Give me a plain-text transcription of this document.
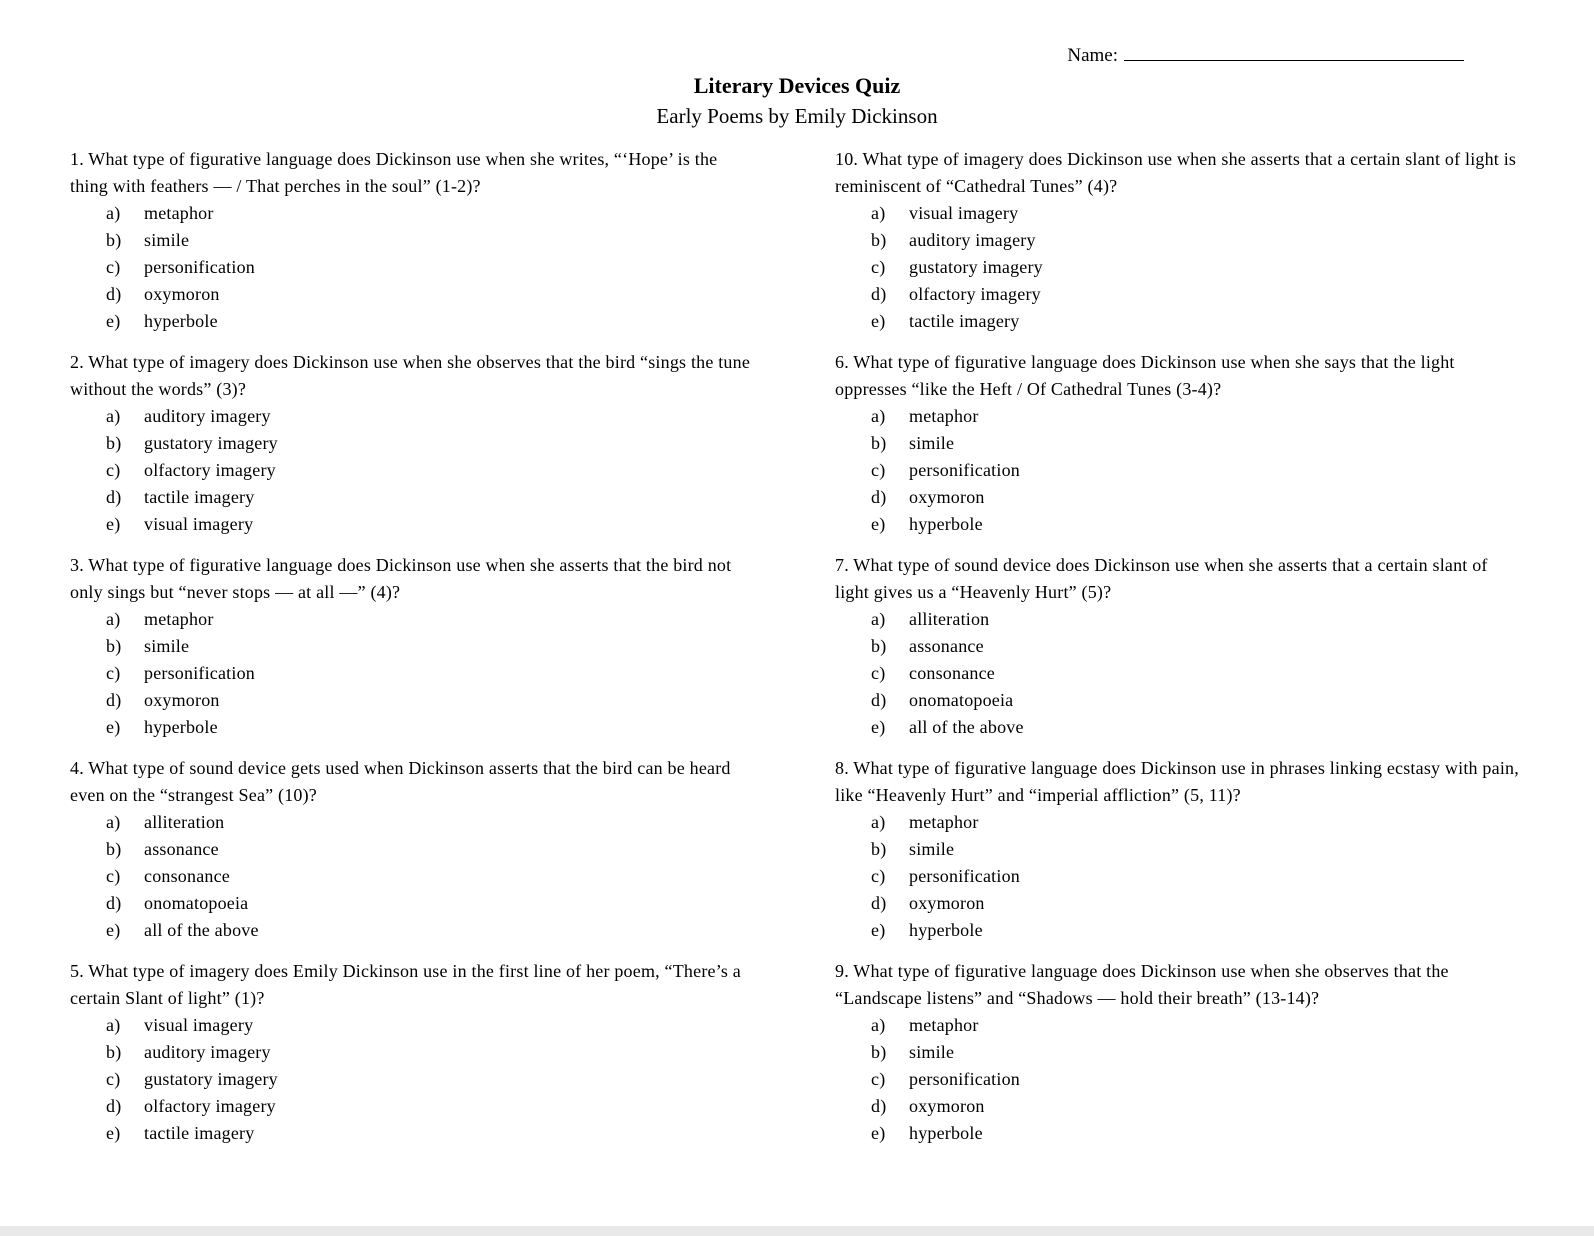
Name:
Literary Devices Quiz
Early Poems by Emily Dickinson
1. What type of figurative language does Dickinson use when she writes, “‘Hope’ is the thing with feathers — / That perches in the soul” (1-2)?
a)	metaphor
b)	simile
c)	personification
d)	oxymoron
e)	hyperbole
2. What type of imagery does Dickinson use when she observes that the bird “sings the tune without the words” (3)?
a)	auditory imagery
b)	gustatory imagery
c)	olfactory imagery
d)	tactile imagery
e)	visual imagery
3. What type of figurative language does Dickinson use when she asserts that the bird not only sings but “never stops — at all —” (4)?
a)	metaphor
b)	simile
c)	personification
d)	oxymoron
e)	hyperbole
4. What type of sound device gets used when Dickinson asserts that the bird can be heard even on the “strangest Sea” (10)?
a)	alliteration
b)	assonance
c)	consonance
d)	onomatopoeia
e)	all of the above
5. What type of imagery does Emily Dickinson use in the first line of her poem, “There’s a certain Slant of light” (1)?
a)	visual imagery
b)	auditory imagery
c)	gustatory imagery
d)	olfactory imagery
e)	tactile imagery
10. What type of imagery does Dickinson use when she asserts that a certain slant of light is reminiscent of “Cathedral Tunes” (4)?
a)	visual imagery
b)	auditory imagery
c)	gustatory imagery
d)	olfactory imagery
e)	tactile imagery
6. What type of figurative language does Dickinson use when she says that the light oppresses “like the Heft / Of Cathedral Tunes (3-4)?
a)	metaphor
b)	simile
c)	personification
d)	oxymoron
e)	hyperbole
7. What type of sound device does Dickinson use when she asserts that a certain slant of light gives us a “Heavenly Hurt” (5)?
a)	alliteration
b)	assonance
c)	consonance
d)	onomatopoeia
e)	all of the above
8. What type of figurative language does Dickinson use in phrases linking ecstasy with pain, like “Heavenly Hurt” and “imperial affliction” (5, 11)?
a)	metaphor
b)	simile
c)	personification
d)	oxymoron
e)	hyperbole
9. What type of figurative language does Dickinson use when she observes that the “Landscape listens” and “Shadows — hold their breath” (13-14)?
a)	metaphor
b)	simile
c)	personification
d)	oxymoron
e)	hyperbole
